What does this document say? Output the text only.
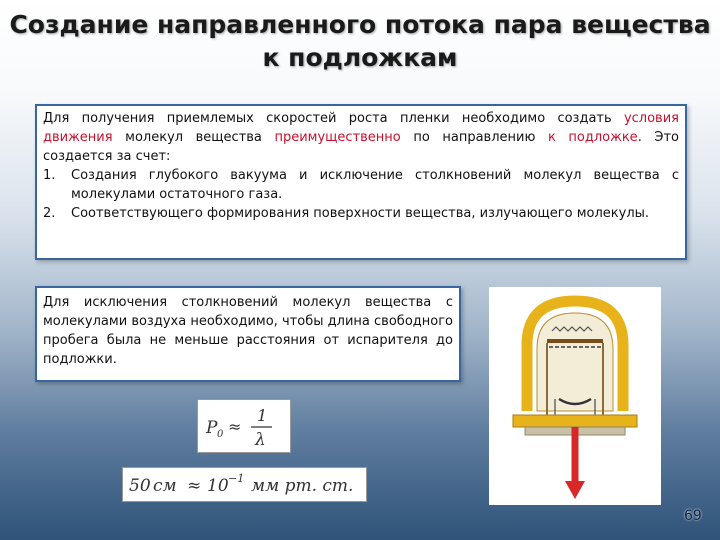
Создание направленного потока пара вещества
к подложкам
Для получения приемлемых скоростей роста пленки необходимо создать условия движения молекул вещества преимущественно по направлению к подложке. Это создается за счет:
1.	Создания глубокого вакуума и исключение столкновений молекул вещества с молекулами остаточного газа.
2.	Соответствующего формирования поверхности вещества, излучающего молекулы.
Для исключения столкновений молекул вещества с молекулами воздуха необходимо, чтобы длина свободного пробега была не меньше расстояния от испарителя до подложки.
P 0 ≈
1
λ
50 см ≈ 10 −1 мм рт. ст.
69
